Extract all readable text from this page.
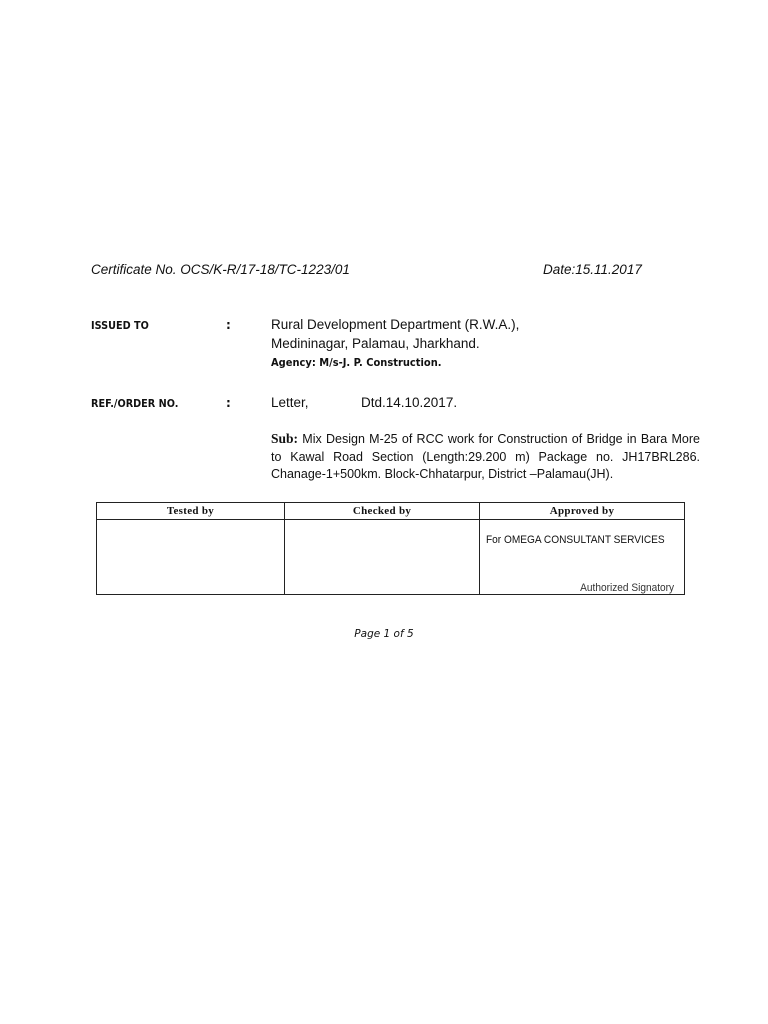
Certificate No. OCS/K-R/17-18/TC-1223/01	Date:15.11.2017
ISSUED TO	:	Rural Development Department (R.W.A.),
Medininagar, Palamau, Jharkhand.
Agency: M/s-J. P. Construction.
REF./ORDER NO.	:	Letter,	Dtd.14.10.2017.
Sub: Mix Design M-25 of RCC work for Construction of Bridge in Bara More to Kawal Road Section (Length:29.200 m) Package no. JH17BRL286. Chanage-1+500km. Block-Chhatarpur, District –Palamau(JH).
Tested by	Checked by	Approved by

		For OMEGA CONSULTANT SERVICES
Authorized Signatory
Page 1 of 5
